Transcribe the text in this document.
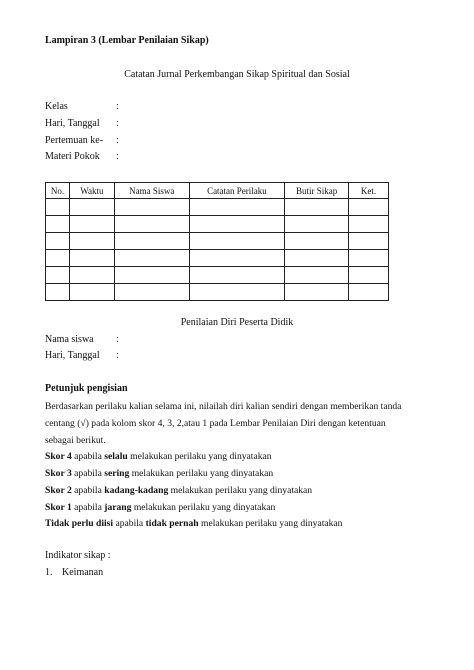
Lampiran 3 (Lembar Penilaian Sikap)
Catatan Jurnal Perkembangan Sikap Spiritual dan Sosial
Kelas	:
Hari, Tanggal :
Pertemuan ke- :
Materi Pokok :
No.	Waktu	Nama Siswa	Catatan Perilaku	Butir Sikap	Ket.

Penilaian Diri Peserta Didik
Nama siswa :
Hari, Tanggal :
Petunjuk pengisian
Berdasarkan perilaku kalian selama ini, nilailah diri kalian sendiri dengan memberikan tanda
centang (√) pada kolom skor 4, 3, 2,atau 1 pada Lembar Penilaian Diri dengan ketentuan
sebagai berikut.
Skor 4 apabila selalu melakukan perilaku yang dinyatakan
Skor 3 apabila sering melakukan perilaku yang dinyatakan
Skor 2 apabila kadang-kadang melakukan perilaku yang dinyatakan
Skor 1 apabila jarang melakukan perilaku yang dinyatakan
Tidak perlu diisi apabila tidak pernah melakukan perilaku yang dinyatakan
Indikator sikap :
1. Keimanan
